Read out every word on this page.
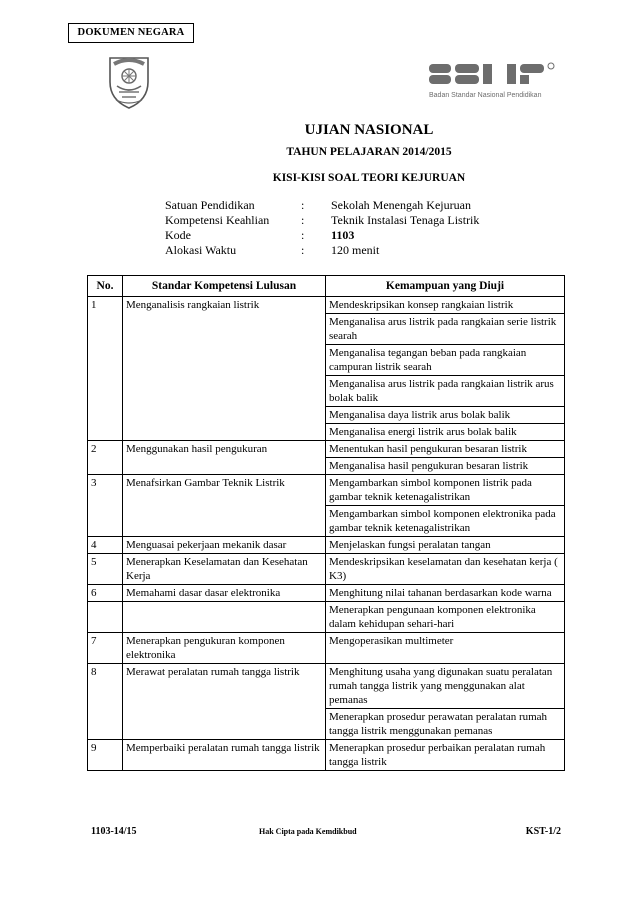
DOKUMEN NEGARA
Badan Standar Nasional Pendidikan
UJIAN NASIONAL
TAHUN PELAJARAN 2014/2015
KISI-KISI SOAL TEORI KEJURUAN
Satuan Pendidikan	:	Sekolah Menengah Kejuruan
Kompetensi Keahlian	:	Teknik Instalasi Tenaga Listrik
Kode	:	1103
Alokasi Waktu	:	120 menit
No.	Standar Kompetensi Lulusan	Kemampuan yang Diuji
1	Menganalisis rangkaian listrik	Mendeskripsikan konsep rangkaian listrik
		Menganalisa arus listrik pada rangkaian serie listrik searah
		Menganalisa tegangan beban pada rangkaian campuran listrik searah
		Menganalisa arus listrik pada rangkaian listrik arus bolak balik
		Menganalisa daya listrik arus bolak balik
		Menganalisa energi listrik arus bolak balik
2	Menggunakan hasil pengukuran	Menentukan hasil pengukuran besaran listrik
		Menganalisa hasil pengukuran besaran listrik
3	Menafsirkan Gambar Teknik Listrik	Mengambarkan simbol komponen listrik pada gambar teknik ketenagalistrikan
		Mengambarkan simbol komponen elektronika pada gambar teknik ketenagalistrikan
4	Menguasai pekerjaan mekanik dasar	Menjelaskan fungsi peralatan tangan
5	Menerapkan Keselamatan dan Kesehatan Kerja	Mendeskripsikan keselamatan dan kesehatan kerja ( K3)
6	Memahami dasar dasar elektronika	Menghitung nilai tahanan berdasarkan kode warna
		Menerapkan pengunaan komponen elektronika dalam kehidupan sehari-hari
7	Menerapkan pengukuran komponen elektronika	Mengoperasikan multimeter
8	Merawat peralatan rumah tangga listrik	Menghitung usaha yang digunakan suatu peralatan rumah tangga listrik yang menggunakan alat pemanas
		Menerapkan prosedur perawatan peralatan rumah tangga listrik menggunakan pemanas
9	Memperbaiki peralatan rumah tangga listrik	Menerapkan prosedur perbaikan peralatan rumah tangga listrik
1103-14/15	Hak Cipta pada Kemdikbud	KST-1/2
